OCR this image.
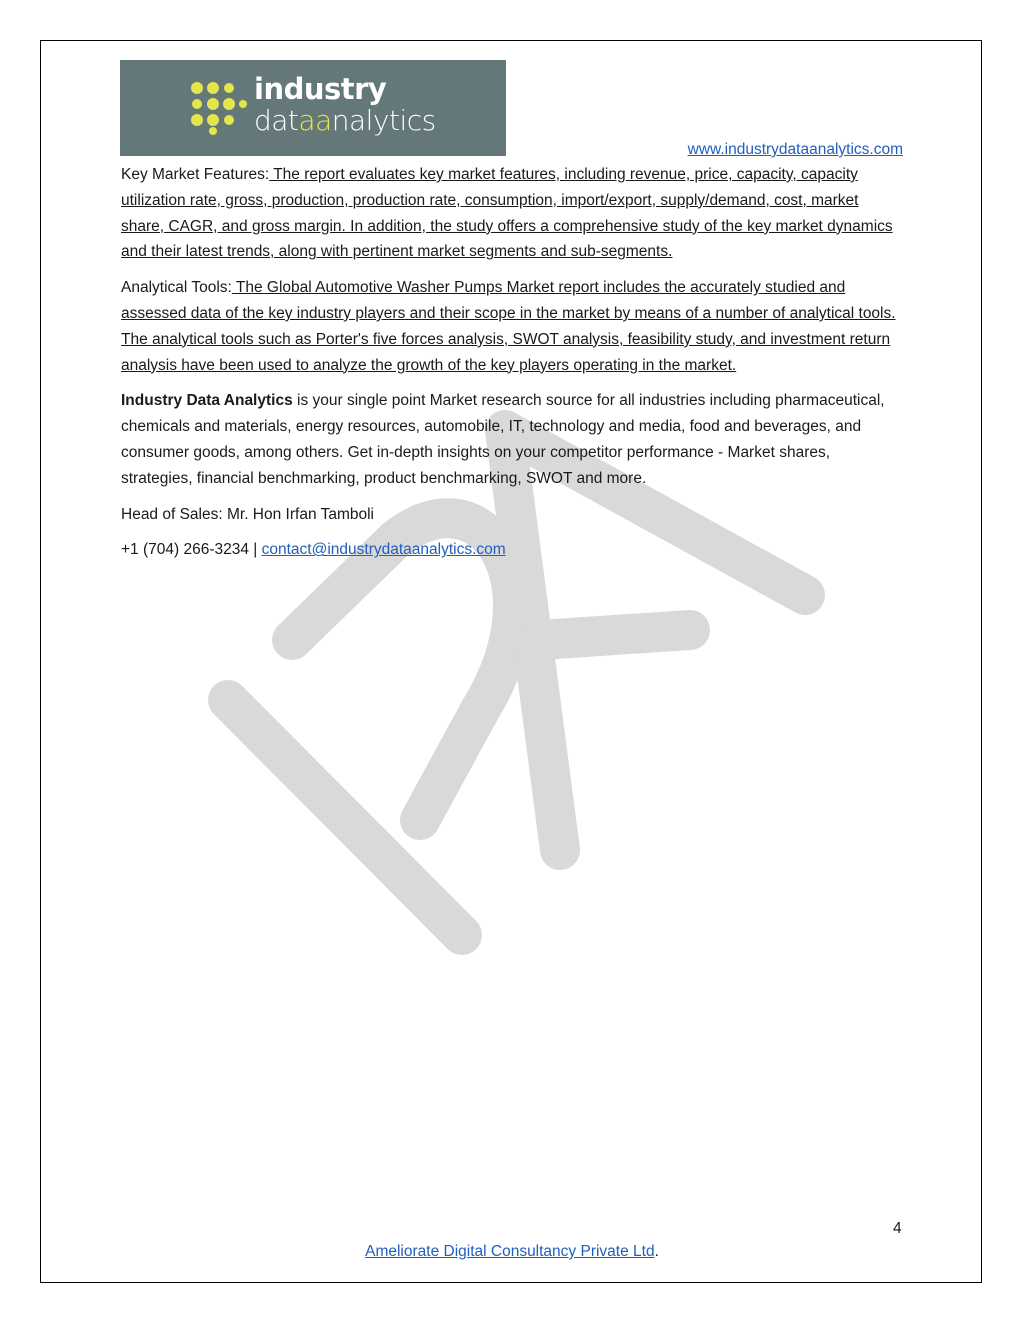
industry
dataanalytics
www.industrydataanalytics.com

Key Market Features: The report evaluates key market features, including revenue, price, capacity, capacity utilization rate, gross, production, production rate, consumption, import/export, supply/demand, cost, market share, CAGR, and gross margin. In addition, the study offers a comprehensive study of the key market dynamics and their latest trends, along with pertinent market segments and sub-segments.

Analytical Tools: The Global Automotive Washer Pumps Market report includes the accurately studied and assessed data of the key industry players and their scope in the market by means of a number of analytical tools. The analytical tools such as Porter's five forces analysis, SWOT analysis, feasibility study, and investment return analysis have been used to analyze the growth of the key players operating in the market.

Industry Data Analytics is your single point Market research source for all industries including pharmaceutical, chemicals and materials, energy resources, automobile, IT, technology and media, food and beverages, and consumer goods, among others. Get in-depth insights on your competitor performance - Market shares, strategies, financial benchmarking, product benchmarking, SWOT and more.

Head of Sales: Mr. Hon Irfan Tamboli

+1 (704) 266-3234 | contact@industrydataanalytics.com

4
Ameliorate Digital Consultancy Private Ltd.
